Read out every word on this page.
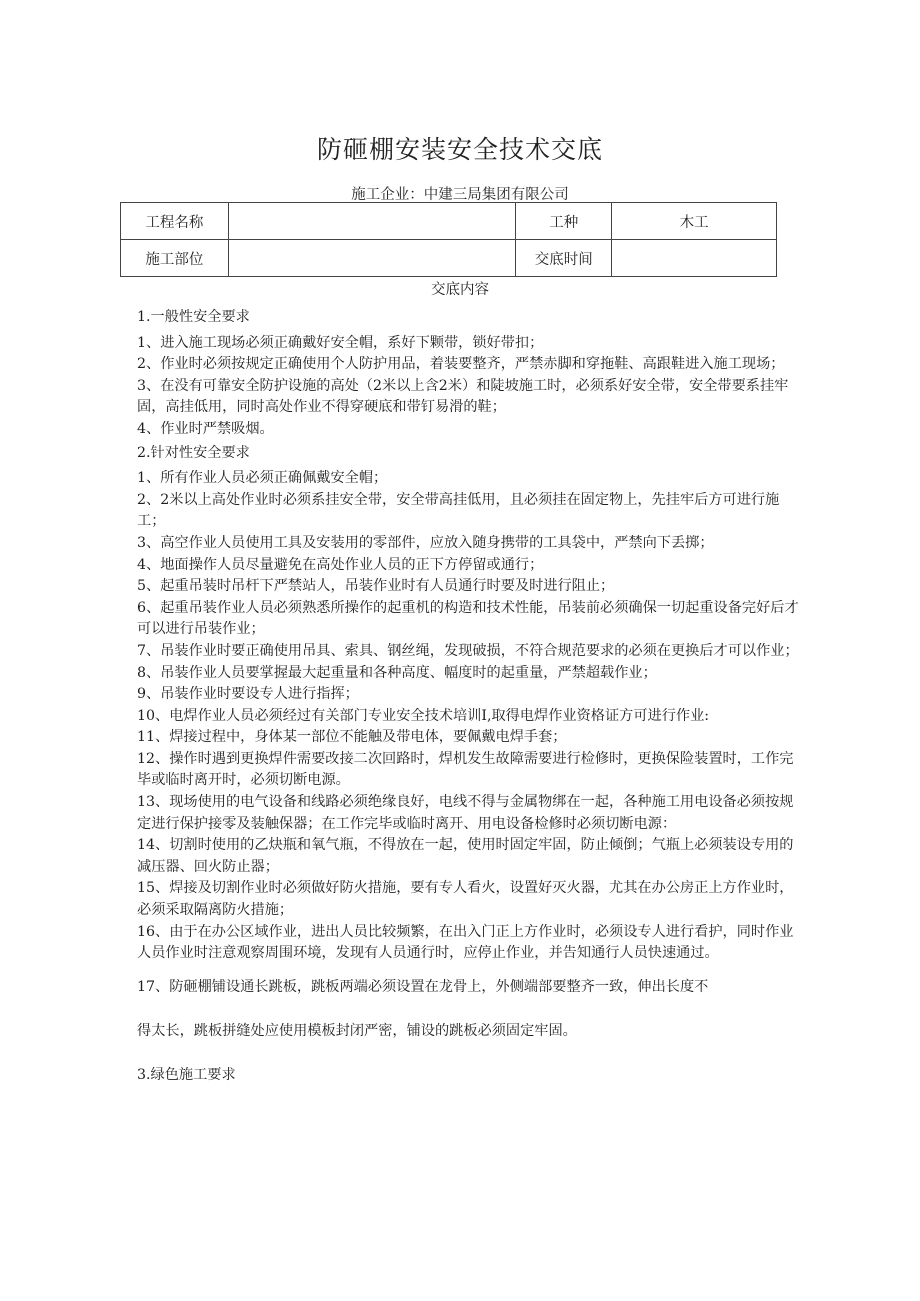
防砸棚安装安全技术交底
施工企业：中建三局集团有限公司
工程名称		工种	木工
施工部位		交底时间	
交底内容

1.一般性安全要求

1、进入施工现场必须正确戴好安全帽，系好下颗带，锁好带扣；

2、作业时必须按规定正确使用个人防护用品，着装要整齐，严禁赤脚和穿拖鞋、高跟鞋进入施工现场；

3、在没有可靠安全防护设施的高处（2米以上含2米）和陡坡施工时，必须系好安全带，安全带要系挂牢固，高挂低用，同时高处作业不得穿硬底和带钉易滑的鞋；

4、作业时严禁吸烟。

2.针对性安全要求

1、所有作业人员必须正确佩戴安全帽；

2、2米以上高处作业时必须系挂安全带，安全带高挂低用，且必须挂在固定物上，先挂牢后方可进行施工；

3、高空作业人员使用工具及安装用的零部件，应放入随身携带的工具袋中，严禁向下丢掷；

4、地面操作人员尽量避免在高处作业人员的正下方停留或通行；

5、起重吊装时吊杆下严禁站人，吊装作业时有人员通行时要及时进行阻止；

6、起重吊装作业人员必须熟悉所操作的起重机的构造和技术性能，吊装前必须确保一切起重设备完好后才可以进行吊装作业；

7、吊装作业时要正确使用吊具、索具、钢丝绳，发现破损，不符合规范要求的必须在更换后才可以作业；

8、吊装作业人员要掌握最大起重量和各种高度、幅度时的起重量，严禁超载作业；

9、吊装作业时要设专人进行指挥；

10、电焊作业人员必须经过有关部门专业安全技术培训I,取得电焊作业资格证方可进行作业:

11、焊接过程中，身体某一部位不能触及带电体，要佩戴电焊手套；

12、操作时遇到更换焊件需要改接二次回路时，焊机发生故障需要进行检修时，更换保险装置时，工作完毕或临时离开时，必须切断电源。

13、现场使用的电气设备和线路必须绝缘良好，电线不得与金属物绑在一起，各种施工用电设备必须按规定进行保护接零及装触保器；在工作完毕或临时离开、用电设备检修时必须切断电源：

14、切割时使用的乙炔瓶和氧气瓶，不得放在一起，使用时固定牢固，防止倾倒；气瓶上必须装设专用的减压器、回火防止器；

15、焊接及切割作业时必须做好防火措施，要有专人看火，设置好灭火器，尤其在办公房正上方作业时，必须采取隔离防火措施；

16、由于在办公区域作业，进出人员比较频繁，在出入门正上方作业时，必须设专人进行看护，同时作业人员作业时注意观察周围环境，发现有人员通行时，应停止作业，并告知通行人员快速通过。

17、防砸棚铺设通长跳板，跳板两端必须设置在龙骨上，外侧端部要整齐一致，伸出长度不

得太长，跳板拼缝处应使用模板封闭严密，铺设的跳板必须固定牢固。

3.绿色施工要求
